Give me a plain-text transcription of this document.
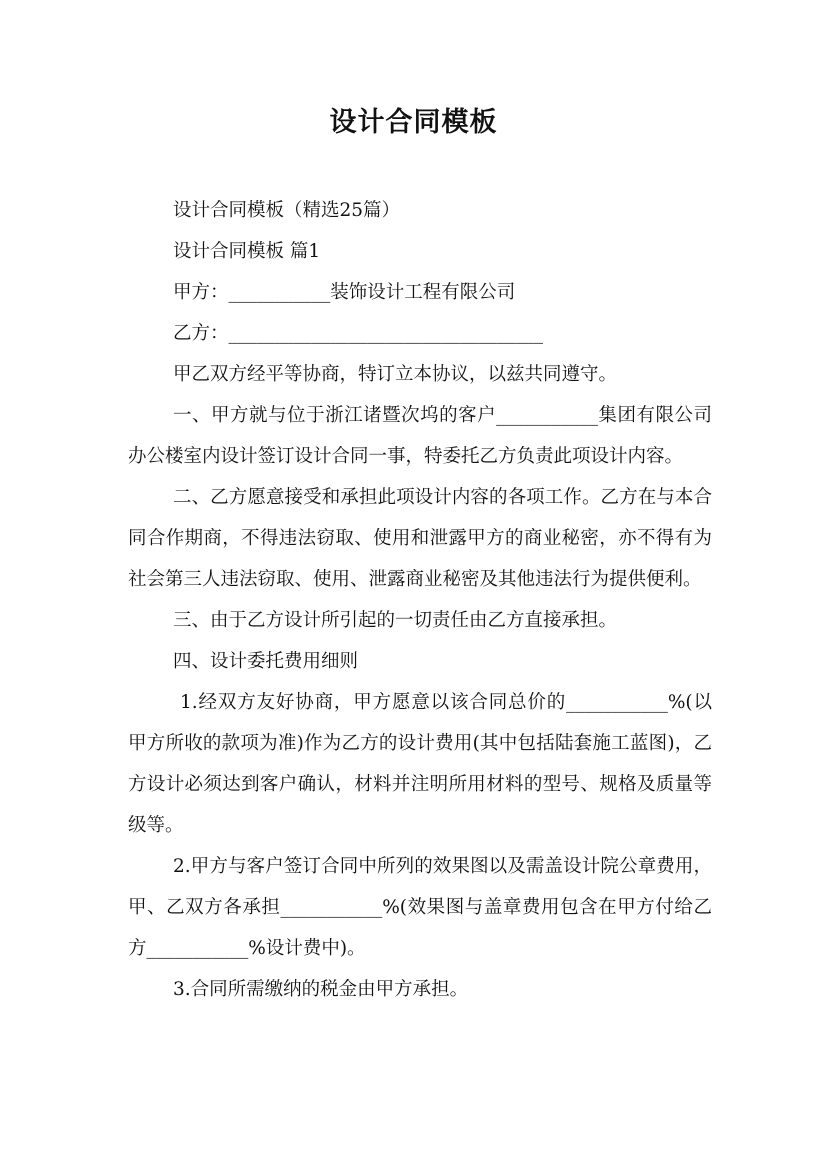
设计合同模板

设计合同模板（精选25篇）

设计合同模板 篇1

甲方：___________装饰设计工程有限公司

乙方：__________________________________

甲乙双方经平等协商，特订立本协议，以兹共同遵守。

一、甲方就与位于浙江诸暨次坞的客户___________集团有限公司办公楼室内设计签订设计合同一事，特委托乙方负责此项设计内容。

二、乙方愿意接受和承担此项设计内容的各项工作。乙方在与本合同合作期商，不得违法窃取、使用和泄露甲方的商业秘密，亦不得有为社会第三人违法窃取、使用、泄露商业秘密及其他违法行为提供便利。

三、由于乙方设计所引起的一切责任由乙方直接承担。

四、设计委托费用细则

1.经双方友好协商，甲方愿意以该合同总价的___________%(以甲方所收的款项为准)作为乙方的设计费用(其中包括陆套施工蓝图)，乙方设计必须达到客户确认，材料并注明所用材料的型号、规格及质量等级等。

2.甲方与客户签订合同中所列的效果图以及需盖设计院公章费用，甲、乙双方各承担___________%(效果图与盖章费用包含在甲方付给乙方___________%设计费中)。

3.合同所需缴纳的税金由甲方承担。
